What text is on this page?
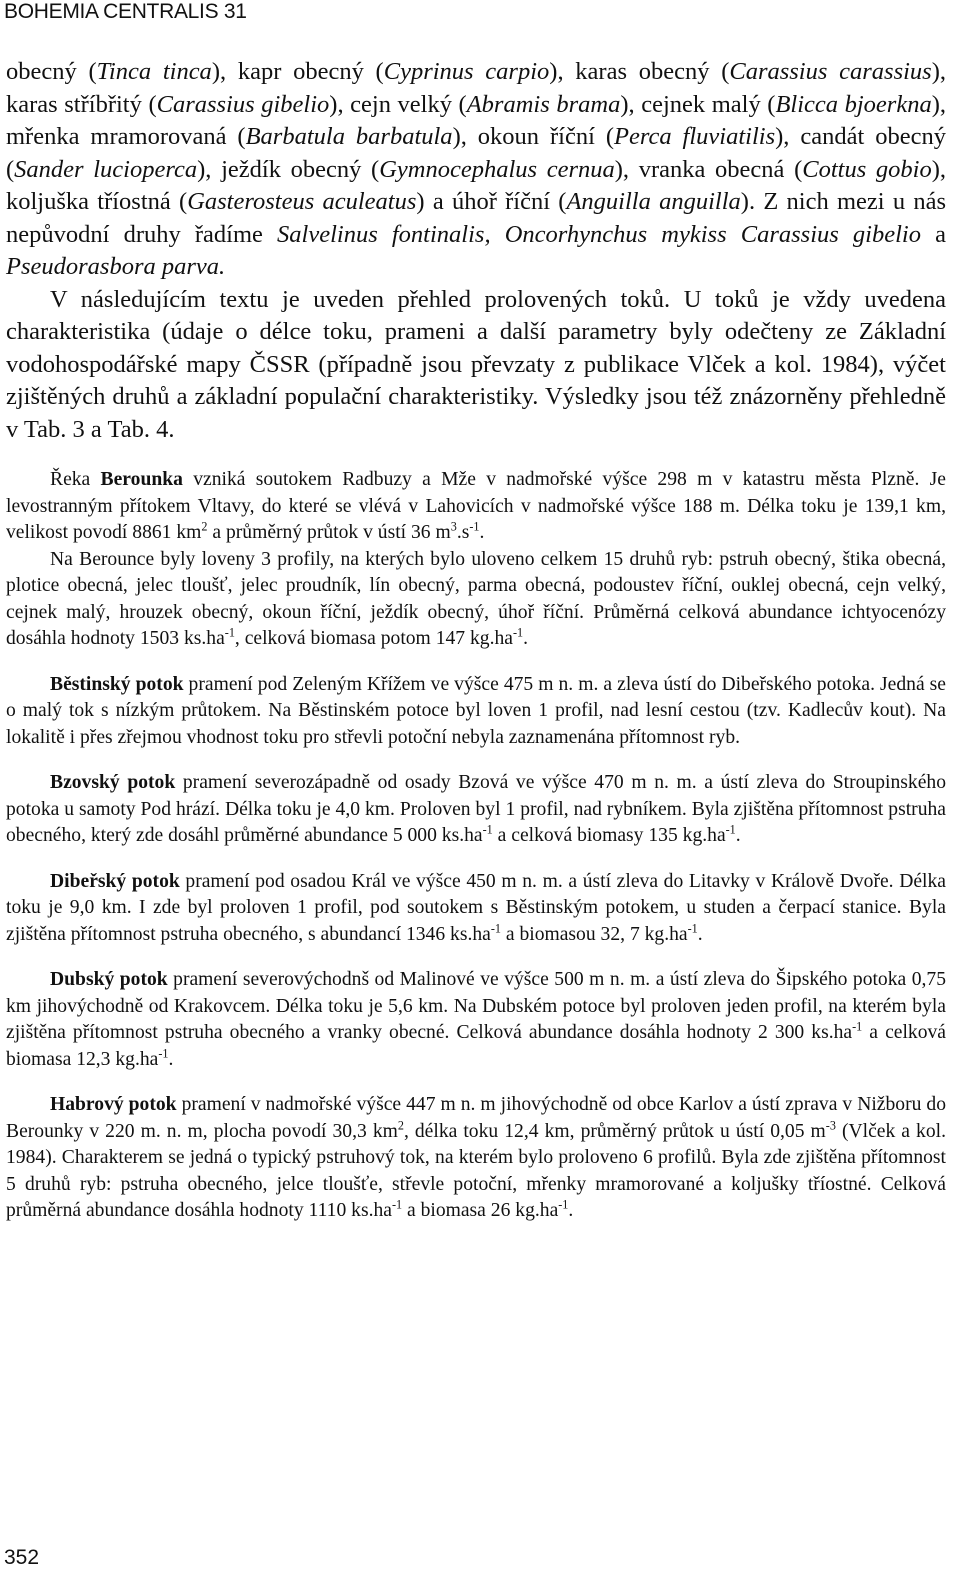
BOHEMIA CENTRALIS 31

obecný (Tinca tinca), kapr obecný (Cyprinus carpio), karas obecný (Carassius carassius), karas stříbřitý (Carassius gibelio), cejn velký (Abramis brama), cejnek malý (Blicca bjoerkna), mřenka mramorovaná (Barbatula barbatula), okoun říční (Perca fluviatilis), candát obecný (Sander lucioperca), ježdík obecný (Gymnocephalus cernua), vranka obecná (Cottus gobio), koljuška tříostná (Gasterosteus aculeatus) a úhoř říční (Anguilla anguilla). Z nich mezi u nás nepůvodní druhy řadíme Salvelinus fontinalis, Oncorhynchus mykiss Carassius gibelio a Pseudorasbora parva.

V následujícím textu je uveden přehled prolovených toků. U toků je vždy uvedena charakteristika (údaje o délce toku, prameni a další parametry byly odečteny ze Základní vodohospodářské mapy ČSSR (případně jsou převzaty z publikace Vlček a kol. 1984), výčet zjištěných druhů a základní populační charakteristiky. Výsledky jsou též znázorněny přehledně v Tab. 3 a Tab. 4.

Řeka Berounka vzniká soutokem Radbuzy a Mže v nadmořské výšce 298 m v katastru města Plzně. Je levostranným přítokem Vltavy, do které se vlévá v Lahovicích v nadmořské výšce 188 m. Délka toku je 139,1 km, velikost povodí 8861 $km^2$ a průměrný průtok v ústí 36 $m^3.s^{-1}$.

Na Berounce byly loveny 3 profily, na kterých bylo uloveno celkem 15 druhů ryb: pstruh obecný, štika obecná, plotice obecná, jelec tloušť, jelec proudník, lín obecný, parma obecná, podoustev říční, ouklej obecná, cejn velký, cejnek malý, hrouzek obecný, okoun říční, ježdík obecný, úhoř říční. Průměrná celková abundance ichtyocenózy dosáhla hodnoty 1503 $ks.ha^{-1}$, celková biomasa potom 147 $kg.ha^{-1}$.

Běstinský potok pramení pod Zeleným Křížem ve výšce 475 m n. m. a zleva ústí do Dibeřského potoka. Jedná se o malý tok s nízkým průtokem. Na Běstinském potoce byl loven 1 profil, nad lesní cestou (tzv. Kadlecův kout). Na lokalitě i přes zřejmou vhodnost toku pro střevli potoční nebyla zaznamenána přítomnost ryb.

Bzovský potok pramení severozápadně od osady Bzová ve výšce 470 m n. m. a ústí zleva do Stroupinského potoka u samoty Pod hrází. Délka toku je 4,0 km. Proloven byl 1 profil, nad rybníkem. Byla zjištěna přítomnost pstruha obecného, který zde dosáhl průměrné abundance 5 000 $ks.ha^{-1}$ a celková biomasy 135 $kg.ha^{-1}$.

Dibeřský potok pramení pod osadou Král ve výšce 450 m n. m. a ústí zleva do Litavky v Králově Dvoře. Délka toku je 9,0 km. I zde byl proloven 1 profil, pod soutokem s Běstinským potokem, u studen a čerpací stanice. Byla zjištěna přítomnost pstruha obecného, s abundancí 1346 $ks.ha^{-1}$ a biomasou 32, 7 $kg.ha^{-1}$.

Dubský potok pramení severovýchodnš od Malinové ve výšce 500 m n. m. a ústí zleva do Šipského potoka 0,75 km jihovýchodně od Krakovcem. Délka toku je 5,6 km. Na Dubském potoce byl proloven jeden profil, na kterém byla zjištěna přítomnost pstruha obecného a vranky obecné. Celková abundance dosáhla hodnoty 2 300 $ks.ha^{-1}$ a celková biomasa 12,3 $kg.ha^{-1}$.

Habrový potok pramení v nadmořské výšce 447 m n. m jihovýchodně od obce Karlov a ústí zprava v Nižboru do Berounky v 220 m. n. m, plocha povodí 30,3 $km^2$, délka toku 12,4 km, průměrný průtok u ústí 0,05 $m^{-3}$ (Vlček a kol. 1984). Charakterem se jedná o typický pstruhový tok, na kterém bylo proloveno 6 profilů. Byla zde zjištěna přítomnost 5 druhů ryb: pstruha obecného, jelce tloušťe, střevle potoční, mřenky mramorované a koljušky tříostné. Celková průměrná abundance dosáhla hodnoty 1110 $ks.ha^{-1}$ a biomasa 26 $kg.ha^{-1}$.

352
